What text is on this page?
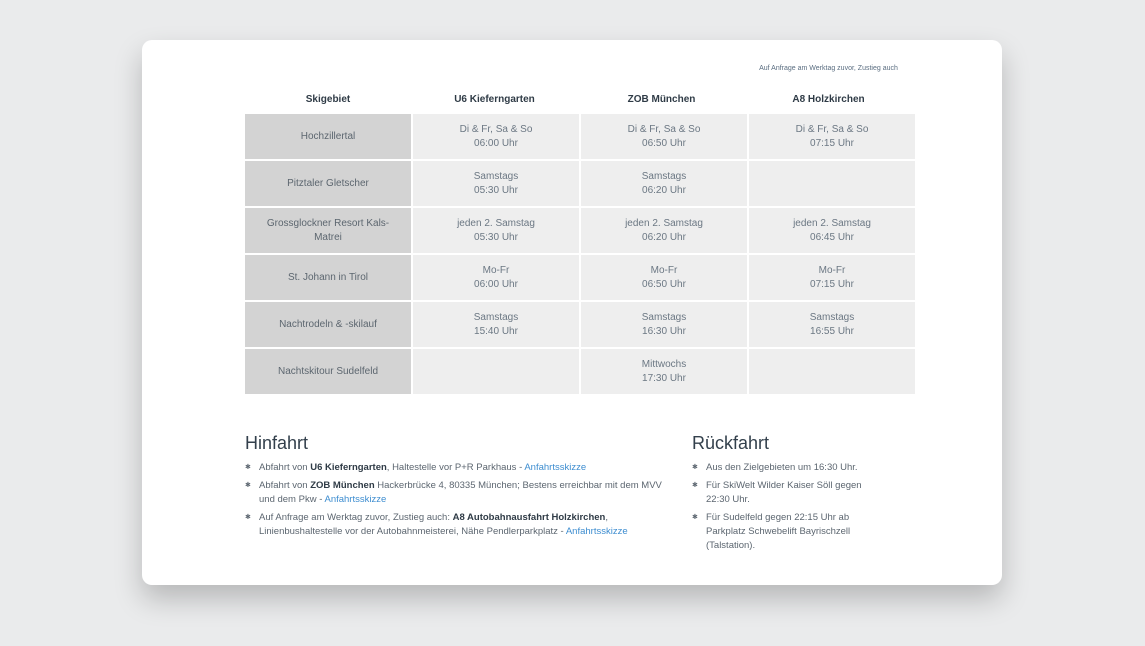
Skigebiet	U6 Kieferngarten	ZOB München
Auf Anfrage am Werktag zuvor, Zustieg auch
A8 Holzkirchen
Hochzillertal
Di & Fr, Sa & So
06:00 Uhr
Di & Fr, Sa & So
06:50 Uhr
Di & Fr, Sa & So
07:15 Uhr
Pitztaler Gletscher
Samstags
05:30 Uhr
Samstags
06:20 Uhr
Grossglockner Resort Kals-Matrei
jeden 2. Samstag
05:30 Uhr
jeden 2. Samstag
06:20 Uhr
jeden 2. Samstag
06:45 Uhr
St. Johann in Tirol
Mo-Fr
06:00 Uhr
Mo-Fr
06:50 Uhr
Mo-Fr
07:15 Uhr
Nachtrodeln & -skilauf
Samstags
15:40 Uhr
Samstags
16:30 Uhr
Samstags
16:55 Uhr
Nachtskitour Sudelfeld
Mittwochs
17:30 Uhr
Hinfahrt
✱ Abfahrt von U6 Kieferngarten, Haltestelle vor P+R Parkhaus - Anfahrtsskizze
✱ Abfahrt von ZOB München Hackerbrücke 4, 80335 München; Bestens erreichbar mit dem MVV und dem Pkw - Anfahrtsskizze
✱ Auf Anfrage am Werktag zuvor, Zustieg auch: A8 Autobahnausfahrt Holzkirchen, Linienbushaltestelle vor der Autobahnmeisterei, Nähe Pendlerparkplatz - Anfahrtsskizze
Rückfahrt
✱ Aus den Zielgebieten um 16:30 Uhr.
✱ Für SkiWelt Wilder Kaiser Söll gegen 22:30 Uhr.
✱ Für Sudelfeld gegen 22:15 Uhr ab Parkplatz Schwebelift Bayrischzell (Talstation).
